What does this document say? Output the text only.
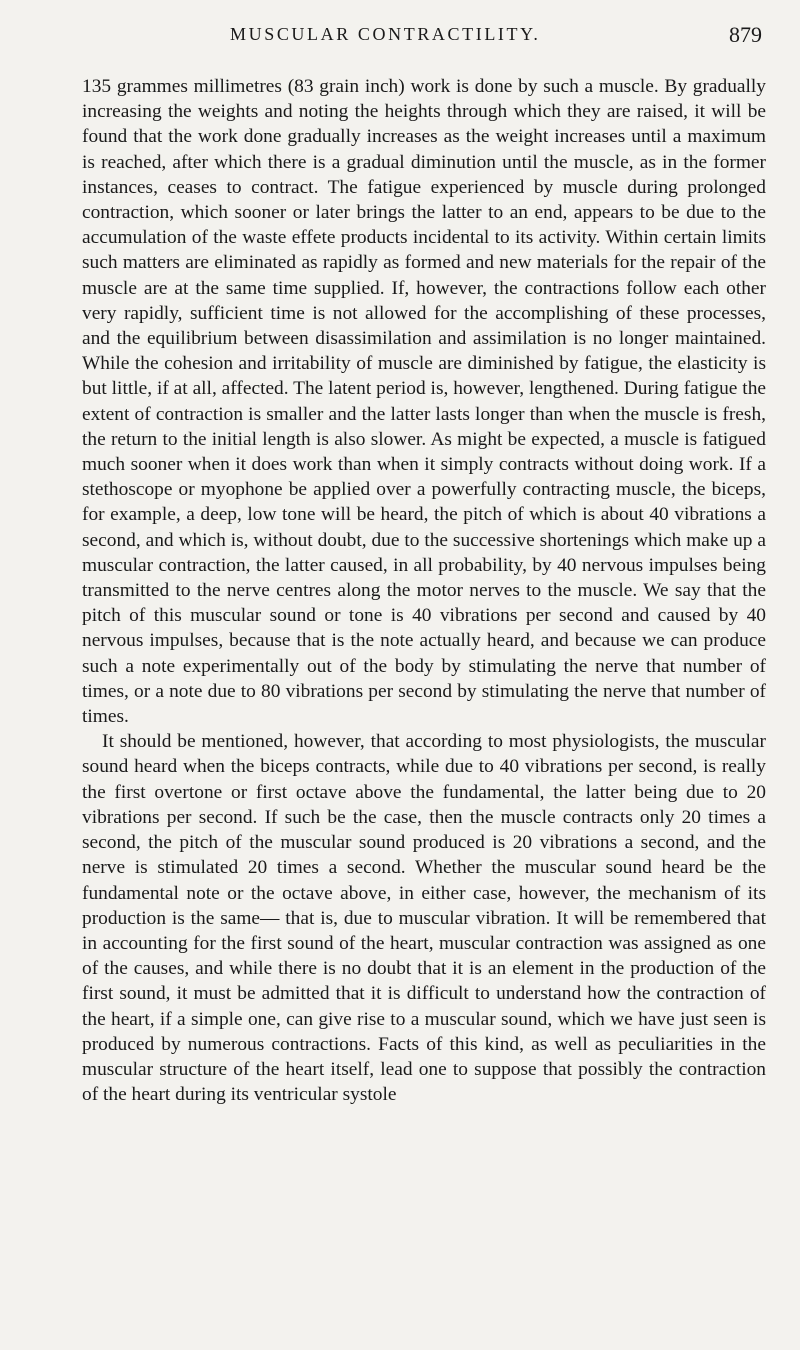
MUSCULAR CONTRACTILITY.	879

135 grammes millimetres (83 grain inch) work is done by such a muscle. By gradually increasing the weights and noting the heights through which they are raised, it will be found that the work done gradually increases as the weight increases until a maximum is reached, after which there is a gradual diminution until the muscle, as in the former instances, ceases to contract. The fatigue experienced by muscle during prolonged contraction, which sooner or later brings the latter to an end, appears to be due to the accumulation of the waste effete products incidental to its activity. Within certain limits such matters are eliminated as rapidly as formed and new materials for the repair of the muscle are at the same time supplied. If, however, the contractions follow each other very rapidly, sufficient time is not allowed for the accomplishing of these processes, and the equilibrium between disassimilation and assimilation is no longer maintained. While the cohesion and irritability of muscle are diminished by fatigue, the elasticity is but little, if at all, affected. The latent period is, however, lengthened. During fatigue the extent of contraction is smaller and the latter lasts longer than when the muscle is fresh, the return to the initial length is also slower. As might be expected, a muscle is fatigued much sooner when it does work than when it simply contracts without doing work. If a stethoscope or myophone be applied over a powerfully contracting muscle, the biceps, for example, a deep, low tone will be heard, the pitch of which is about 40 vibrations a second, and which is, without doubt, due to the successive shortenings which make up a muscular contraction, the latter caused, in all probability, by 40 nervous impulses being transmitted to the nerve centres along the motor nerves to the muscle. We say that the pitch of this muscular sound or tone is 40 vibrations per second and caused by 40 nervous impulses, because that is the note actually heard, and because we can produce such a note experimentally out of the body by stimulating the nerve that number of times, or a note due to 80 vibrations per second by stimulating the nerve that number of times.

It should be mentioned, however, that according to most physiologists, the muscular sound heard when the biceps contracts, while due to 40 vibrations per second, is really the first overtone or first octave above the fundamental, the latter being due to 20 vibrations per second. If such be the case, then the muscle contracts only 20 times a second, the pitch of the muscular sound produced is 20 vibrations a second, and the nerve is stimulated 20 times a second. Whether the muscular sound heard be the fundamental note or the octave above, in either case, however, the mechanism of its production is the same— that is, due to muscular vibration. It will be remembered that in accounting for the first sound of the heart, muscular contraction was assigned as one of the causes, and while there is no doubt that it is an element in the production of the first sound, it must be admitted that it is difficult to understand how the contraction of the heart, if a simple one, can give rise to a muscular sound, which we have just seen is produced by numerous contractions. Facts of this kind, as well as peculiarities in the muscular structure of the heart itself, lead one to suppose that possibly the contraction of the heart during its ventricular systole
